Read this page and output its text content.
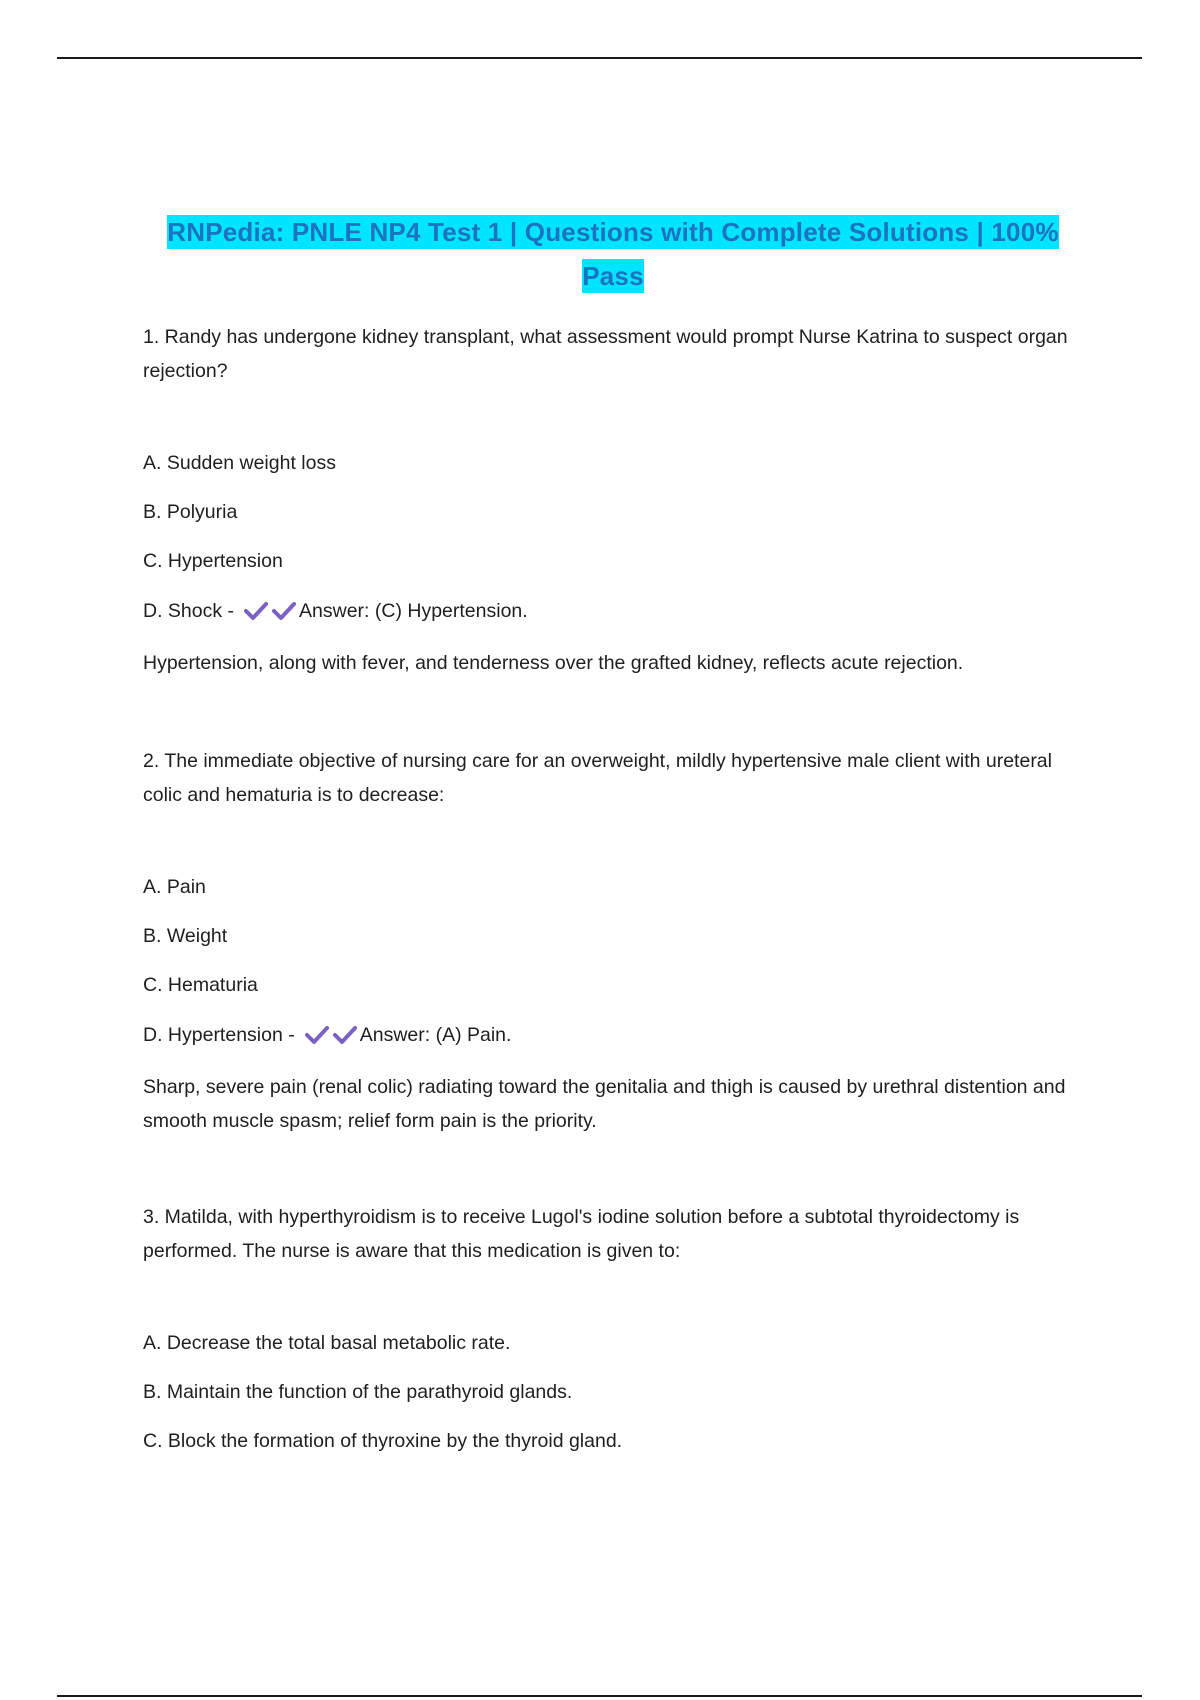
RNPedia: PNLE NP4 Test 1 | Questions with Complete Solutions | 100% Pass

1. Randy has undergone kidney transplant, what assessment would prompt Nurse Katrina to suspect organ rejection?

A. Sudden weight loss

B. Polyuria

C. Hypertension

D. Shock -	Answer: (C) Hypertension.

Hypertension, along with fever, and tenderness over the grafted kidney, reflects acute rejection.

2. The immediate objective of nursing care for an overweight, mildly hypertensive male client with ureteral colic and hematuria is to decrease:

A. Pain

B. Weight

C. Hematuria

D. Hypertension -	Answer: (A) Pain.

Sharp, severe pain (renal colic) radiating toward the genitalia and thigh is caused by urethral distention and smooth muscle spasm; relief form pain is the priority.

3. Matilda, with hyperthyroidism is to receive Lugol's iodine solution before a subtotal thyroidectomy is performed. The nurse is aware that this medication is given to:

A. Decrease the total basal metabolic rate.

B. Maintain the function of the parathyroid glands.

C. Block the formation of thyroxine by the thyroid gland.
